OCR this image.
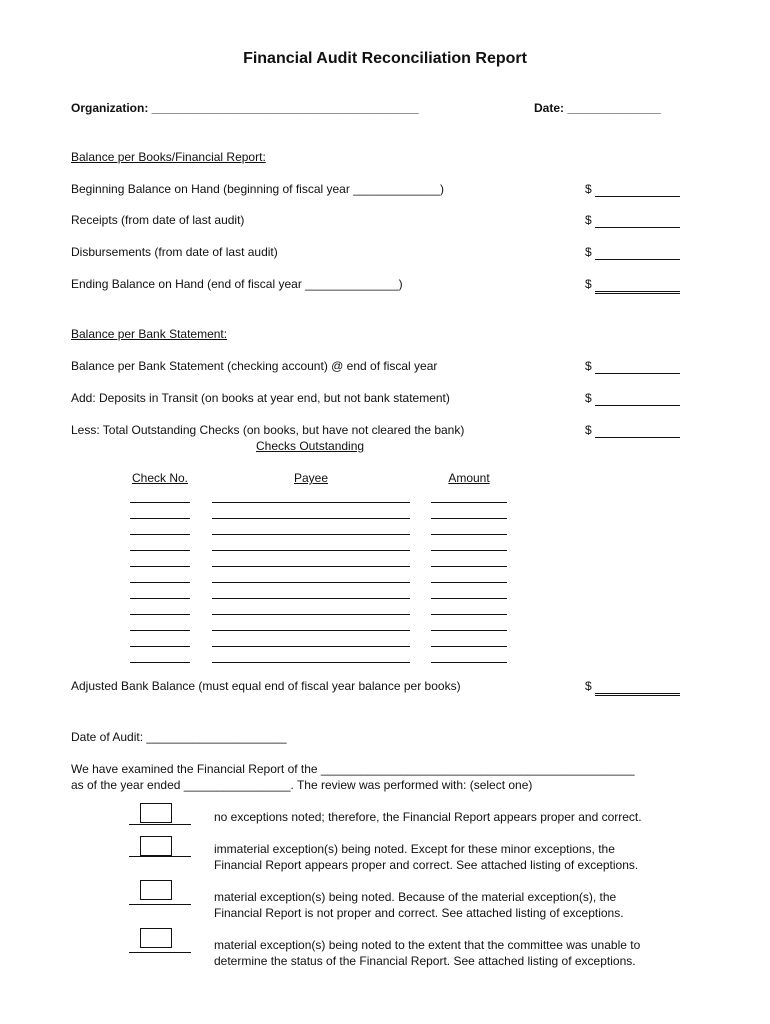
Financial Audit Reconciliation Report
Organization: ________________________________________	Date: ______________
Balance per Books/Financial Report:
Beginning Balance on Hand (beginning of fiscal year _____________)	$
Receipts (from date of last audit)	$
Disbursements (from date of last audit)	$
Ending Balance on Hand (end of fiscal year ______________)	$
Balance per Bank Statement:
Balance per Bank Statement (checking account) @ end of fiscal year	$
Add: Deposits in Transit (on books at year end, but not bank statement)	$
Less: Total Outstanding Checks (on books, but have not cleared the bank)	$
Checks Outstanding
Check No.	Payee	Amount
Adjusted Bank Balance (must equal end of fiscal year balance per books)	$
Date of Audit: _____________________
We have examined the Financial Report of the _______________________________________________
as of the year ended ________________. The review was performed with: (select one)
no exceptions noted; therefore, the Financial Report appears proper and correct.
immaterial exception(s) being noted. Except for these minor exceptions, the
Financial Report appears proper and correct. See attached listing of exceptions.
material exception(s) being noted. Because of the material exception(s), the
Financial Report is not proper and correct. See attached listing of exceptions.
material exception(s) being noted to the extent that the committee was unable to
determine the status of the Financial Report. See attached listing of exceptions.
